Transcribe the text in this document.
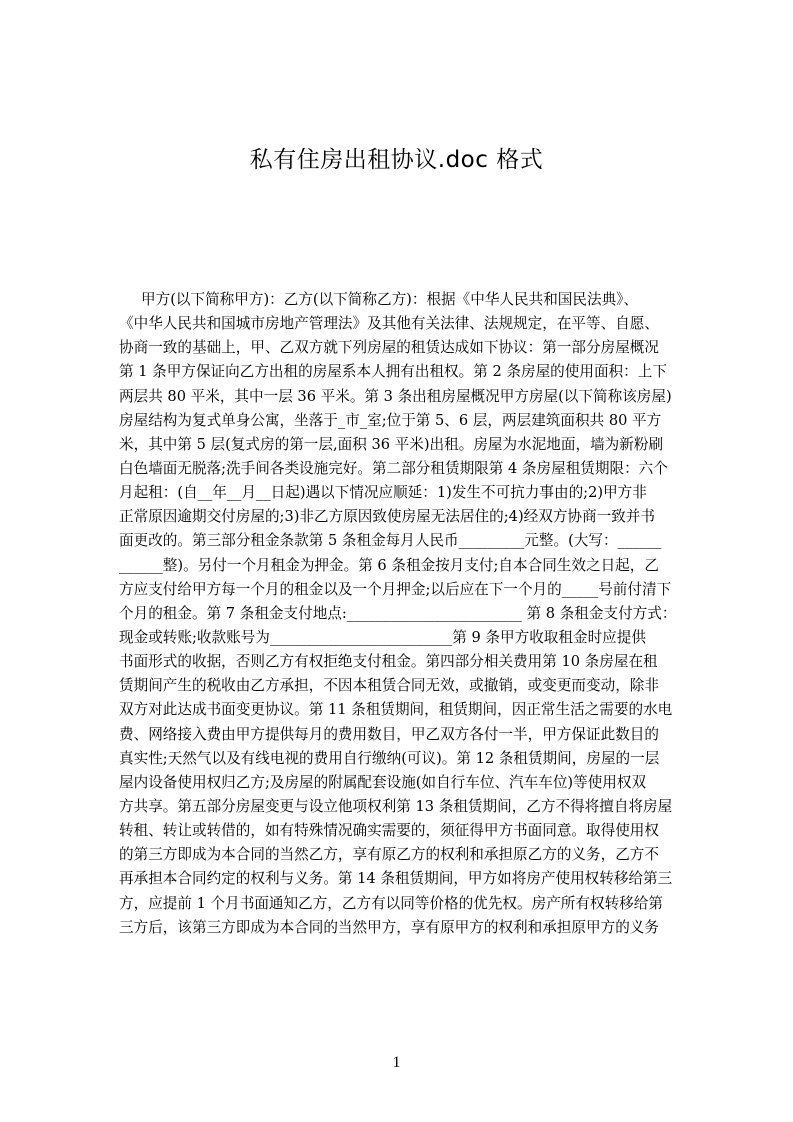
私有住房出租协议.doc 格式
甲方(以下简称甲方)：乙方(以下简称乙方)：根据《中华人民共和国民法典》、
《中华人民共和国城市房地产管理法》及其他有关法律、法规规定，在平等、自愿、
协商一致的基础上，甲、乙双方就下列房屋的租赁达成如下协议：第一部分房屋概况
第 1 条甲方保证向乙方出租的房屋系本人拥有出租权。第 2 条房屋的使用面积：上下
两层共 80 平米，其中一层 36 平米。第 3 条出租房屋概况甲方房屋(以下简称该房屋)
房屋结构为复式单身公寓，坐落于_市_室;位于第 5、6 层，两层建筑面积共 80 平方
米，其中第 5 层(复式房的第一层,面积 36 平米)出租。房屋为水泥地面，墙为新粉刷
白色墙面无脱落;洗手间各类设施完好。第二部分租赁期限第 4 条房屋租赁期限：六个
月起租：(自__年__月__日起)遇以下情况应顺延：1)发生不可抗力事由的;2)甲方非
正常原因逾期交付房屋的;3)非乙方原因致使房屋无法居住的;4)经双方协商一致并书
面更改的。第三部分租金条款第 5 条租金每月人民币_________元整。(大写：______
______整)。另付一个月租金为押金。第 6 条租金按月支付;自本合同生效之日起，乙
方应支付给甲方每一个月的租金以及一个月押金;以后应在下一个月的_____号前付清下
个月的租金。第 7 条租金支付地点:________________________ 第 8 条租金支付方式：
现金或转账;收款账号为_________________________第 9 条甲方收取租金时应提供
书面形式的收据，否则乙方有权拒绝支付租金。第四部分相关费用第 10 条房屋在租
赁期间产生的税收由乙方承担，不因本租赁合同无效，或撤销，或变更而变动，除非
双方对此达成书面变更协议。第 11 条租赁期间，租赁期间，因正常生活之需要的水电
费、网络接入费由甲方提供每月的费用数目，甲乙双方各付一半，甲方保证此数目的
真实性;天然气以及有线电视的费用自行缴纳(可议)。第 12 条租赁期间，房屋的一层
屋内设备使用权归乙方;及房屋的附属配套设施(如自行车位、汽车车位)等使用权双
方共享。第五部分房屋变更与设立他项权利第 13 条租赁期间，乙方不得将擅自将房屋
转租、转让或转借的，如有特殊情况确实需要的，须征得甲方书面同意。取得使用权
的第三方即成为本合同的当然乙方，享有原乙方的权利和承担原乙方的义务，乙方不
再承担本合同约定的权利与义务。第 14 条租赁期间，甲方如将房产使用权转移给第三
方，应提前 1 个月书面通知乙方，乙方有以同等价格的优先权。房产所有权转移给第
三方后，该第三方即成为本合同的当然甲方，享有原甲方的权利和承担原甲方的义务
1
